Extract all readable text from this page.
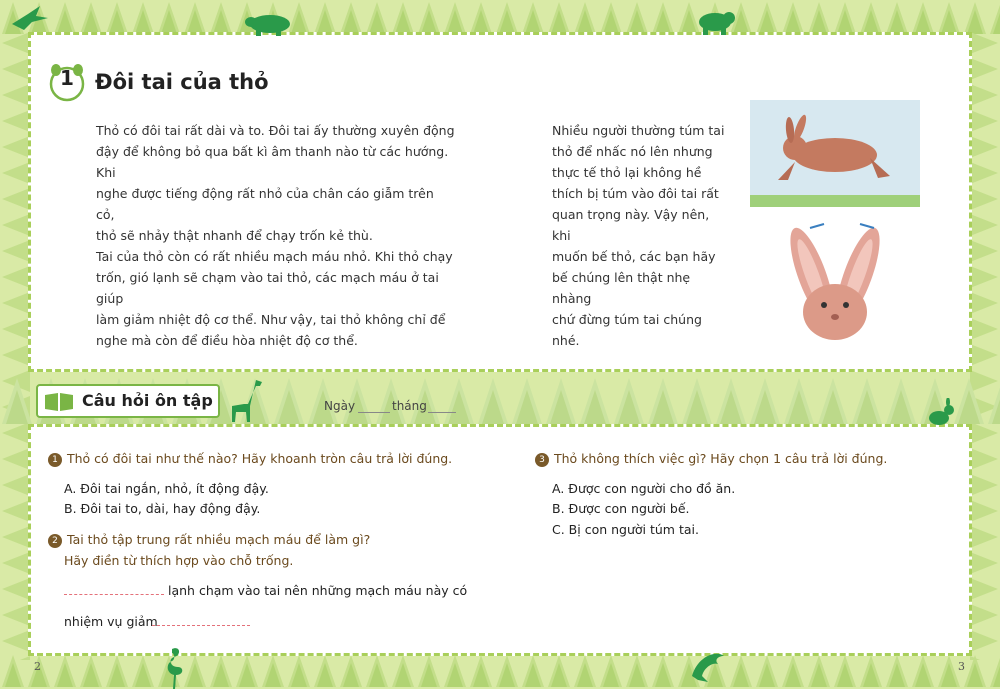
1	Đôi tai của thỏ

Thỏ có đôi tai rất dài và to. Đôi tai ấy thường xuyên động

đậy để không bỏ qua bất kì âm thanh nào từ các hướng. Khi

nghe được tiếng động rất nhỏ của chân cáo giẫm trên cỏ,

thỏ sẽ nhảy thật nhanh để chạy trốn kẻ thù.

Tai của thỏ còn có rất nhiều mạch máu nhỏ. Khi thỏ chạy

trốn, gió lạnh sẽ chạm vào tai thỏ, các mạch máu ở tai giúp

làm giảm nhiệt độ cơ thể. Như vậy, tai thỏ không chỉ để

nghe mà còn để điều hòa nhiệt độ cơ thể.

Nhiều người thường túm tai

thỏ để nhấc nó lên nhưng

thực tế thỏ lại không hề

thích bị túm vào đôi tai rất

quan trọng này. Vậy nên, khi

muốn bế thỏ, các bạn hãy

bế chúng lên thật nhẹ nhàng

chứ đừng túm tai chúng nhé.

Câu hỏi ôn tập	Ngày	tháng
1 Thỏ có đôi tai như thế nào? Hãy khoanh tròn câu trả lời đúng.
A. Đôi tai ngắn, nhỏ, ít động đậy.
B. Đôi tai to, dài, hay động đậy.
2 Tai thỏ tập trung rất nhiều mạch máu để làm gì?
Hãy điền từ thích hợp vào chỗ trống.
lạnh chạm vào tai nên những mạch máu này có
nhiệm vụ giảm
3 Thỏ không thích việc gì? Hãy chọn 1 câu trả lời đúng.
A. Được con người cho đồ ăn.
B. Được con người bế.
C. Bị con người túm tai.
2	3
